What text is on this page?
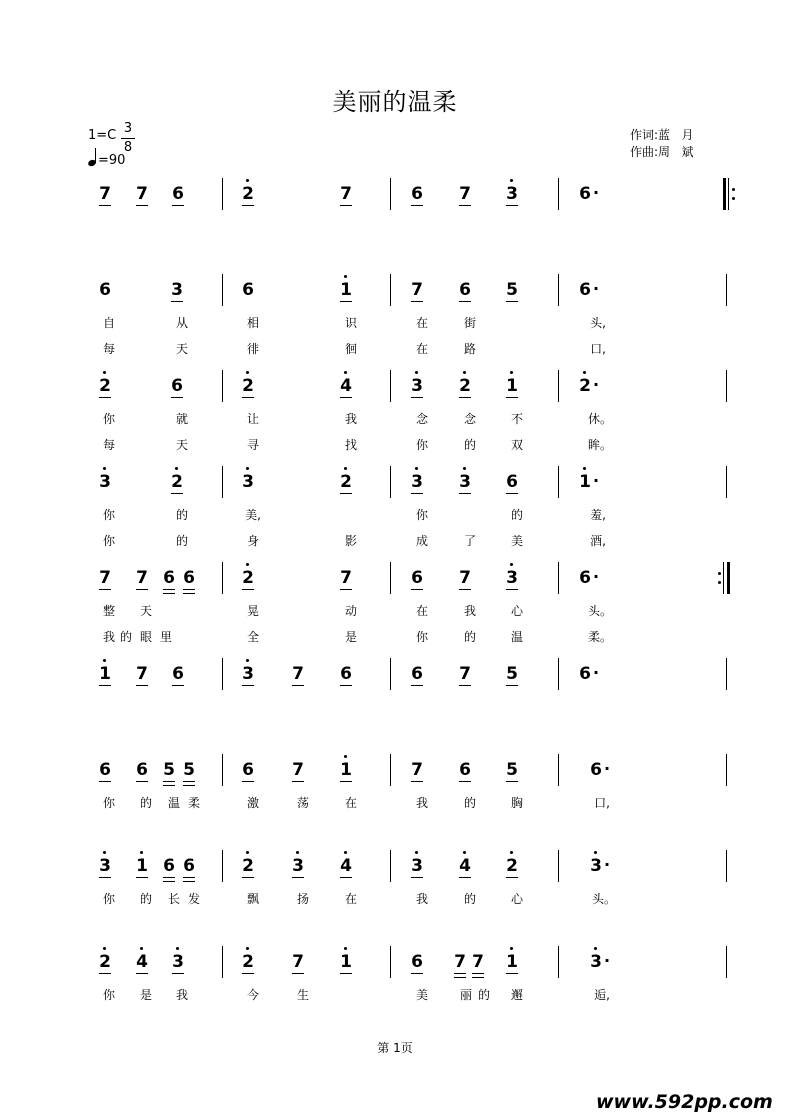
美丽的温柔
1=C 3
8
=90
作词:蓝   月
作曲:周   斌
7 7 6	2	7	6 7 3	6 ·
6	3	6	1	7 6 5	6 ·
自	从	相	识	在	街	头,
每	天	徘	徊	在	路	口,
2	6	2	4	3 2 1	2 ·
你	就	让	我	念	念	不	休。
每	天	寻	找	你	的	双	眸。
3	2	3	2	3 3 6	1 ·
你	的	美,	你	的	羞,
你	的	身	影	成	了	美	酒,
7 7 6 6	2	7	6 7 3	6 ·
整	天	晃	动	在	我	心	头。
我 的 眼 里	全	是	你	的	温	柔。
1 7 6	3 7 6	6 7 5	6 ·
6 6 5 5	6 7 1	7 6 5	6 ·
你	的	温 柔	激	荡	在	我	的	胸	口,
3 1 6 6	2 3 4	3 4 2	3 ·
你	的	长 发	飘	扬	在	我	的	心	头。
2 4 3	2 7 1	6 7 7 1	3 ·
你	是	我	今	生	美	丽 的	邂	逅,
第 1页
www.592pp.com
